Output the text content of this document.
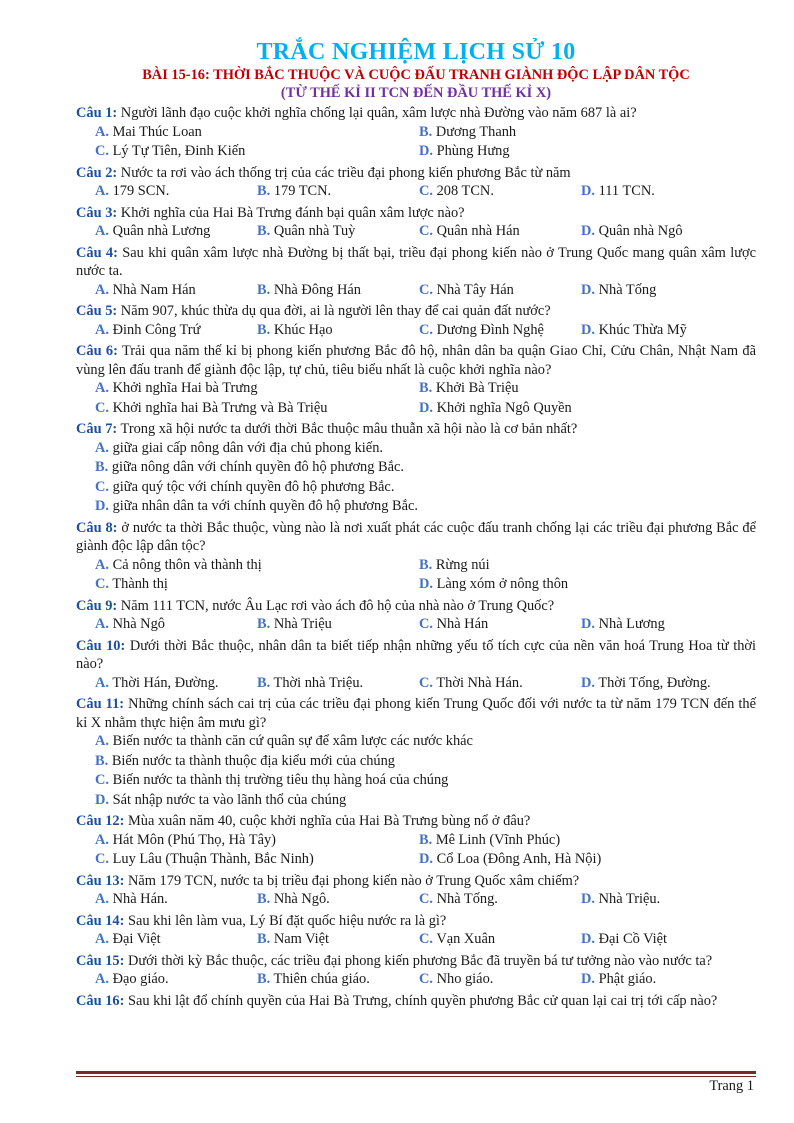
TRẮC NGHIỆM LỊCH SỬ 10
BÀI 15-16: THỜI BẮC THUỘC VÀ CUỘC ĐẤU TRANH GIÀNH ĐỘC LẬP DÂN TỘC
(TỪ THẾ KỈ II TCN ĐẾN ĐẦU THẾ KỈ X)
Câu 1: Người lãnh đạo cuộc khởi nghĩa chống lại quân, xâm lược nhà Đường vào năm 687 là ai?
A. Mai Thúc Loan	B. Dương Thanh
C. Lý Tự Tiên, Đinh Kiến	D. Phùng Hưng
Câu 2: Nước ta rơi vào ách thống trị của các triều đại phong kiến phương Bắc từ năm
A. 179 SCN.	B. 179 TCN.	C. 208 TCN.	D. 111 TCN.
Câu 3: Khởi nghĩa của Hai Bà Trưng đánh bại quân xâm lược nào?
A. Quân nhà Lương	B. Quân nhà Tuỳ	C. Quân nhà Hán	D. Quân nhà Ngô
Câu 4: Sau khi quân xâm lược nhà Đường bị thất bại, triều đại phong kiến nào ở Trung Quốc mang quân xâm lược nước ta.
A. Nhà Nam Hán	B. Nhà Đông Hán	C. Nhà Tây Hán	D. Nhà Tống
Câu 5: Năm 907, khúc thừa dụ qua đời, ai là người lên thay để cai quản đất nước?
A. Đinh Công Trứ	B. Khúc Hạo	C. Dương Đình Nghệ	D. Khúc Thừa Mỹ
Câu 6: Trải qua năm thế kỉ bị phong kiến phương Bắc đô hộ, nhân dân ba quận Giao Chỉ, Cửu Chân, Nhật Nam đã vùng lên đấu tranh để giành độc lập, tự chủ, tiêu biểu nhất là cuộc khởi nghĩa nào?
A. Khởi nghĩa Hai bà Trưng	B. Khởi Bà Triệu
C. Khởi nghĩa hai Bà Trưng và Bà Triệu	D. Khởi nghĩa Ngô Quyền
Câu 7: Trong xã hội nước ta dưới thời Bắc thuộc mâu thuẫn xã hội nào là cơ bản nhất?
A. giữa giai cấp nông dân với địa chủ phong kiến.
B. giữa nông dân với chính quyền đô hộ phương Bắc.
C. giữa quý tộc với chính quyền đô hộ phương Bắc.
D. giữa nhân dân ta với chính quyền đô hộ phương Bắc.
Câu 8: ở nước ta thời Bắc thuộc, vùng nào là nơi xuất phát các cuộc đấu tranh chống lại các triều đại phương Bắc để giành độc lập dân tộc?
A. Cả nông thôn và thành thị	B. Rừng núi
C. Thành thị	D. Làng xóm ở nông thôn
Câu 9: Năm 111 TCN, nước Âu Lạc rơi vào ách đô hộ của nhà nào ở Trung Quốc?
A. Nhà Ngô	B. Nhà Triệu	C. Nhà Hán	D. Nhà Lương
Câu 10: Dưới thời Bắc thuộc, nhân dân ta biết tiếp nhận những yếu tố tích cực của nền văn hoá Trung Hoa từ thời nào?
A. Thời Hán, Đường.	B. Thời nhà Triệu.	C. Thời Nhà Hán.	D. Thời Tống, Đường.
Câu 11: Những chính sách cai trị của các triều đại phong kiến Trung Quốc đối với nước ta từ năm 179 TCN đến thế kỉ X nhằm thực hiện âm mưu gì?
A. Biến nước ta thành căn cứ quân sự để xâm lược các nước khác
B. Biến nước ta thành thuộc địa kiểu mới của chúng
C. Biến nước ta thành thị trường tiêu thụ hàng hoá của chúng
D. Sát nhập nước ta vào lãnh thổ của chúng
Câu 12: Mùa xuân năm 40, cuộc khởi nghĩa của Hai Bà Trưng bùng nổ ở đâu?
A. Hát Môn (Phú Thọ, Hà Tây)	B. Mê Linh (Vĩnh Phúc)
C. Luy Lâu (Thuận Thành, Bắc Ninh)	D. Cổ Loa (Đông Anh, Hà Nội)
Câu 13: Năm 179 TCN, nước ta bị triều đại phong kiến nào ở Trung Quốc xâm chiếm?
A. Nhà Hán.	B. Nhà Ngô.	C. Nhà Tống.	D. Nhà Triệu.
Câu 14: Sau khi lên làm vua, Lý Bí đặt quốc hiệu nước ra là gì?
A. Đại Việt	B. Nam Việt	C. Vạn Xuân	D. Đại Cồ Việt
Câu 15: Dưới thời kỳ Bắc thuộc, các triều đại phong kiến phương Bắc đã truyền bá tư tưởng nào vào nước ta?
A. Đạo giáo.	B. Thiên chúa giáo.	C. Nho giáo.	D. Phật giáo.
Câu 16: Sau khi lật đổ chính quyền của Hai Bà Trưng, chính quyền phương Bắc cử quan lại cai trị tới cấp nào?
Trang 1
